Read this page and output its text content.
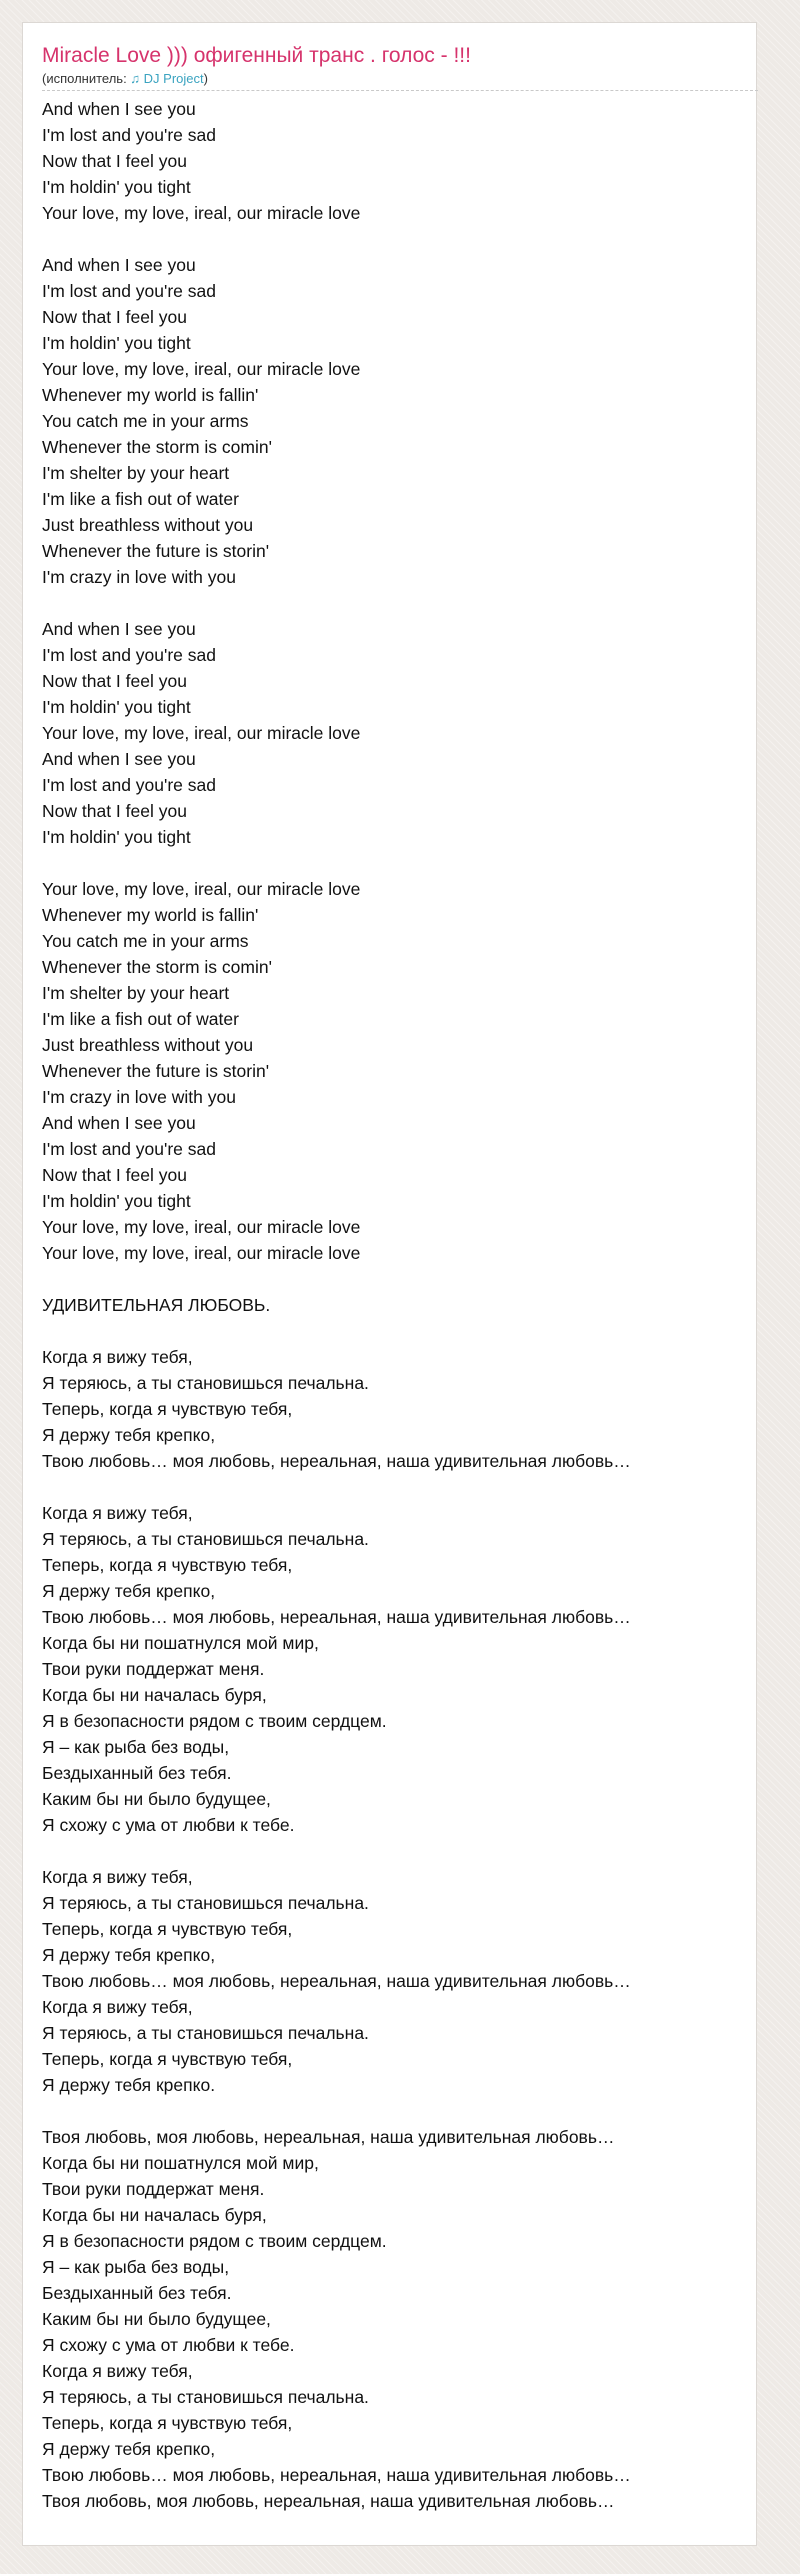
Miracle Love ))) офигенный транс . голос - !!!
(исполнитель: ♫ DJ Project)
And when I see you
I'm lost and you're sad
Now that I feel you
I'm holdin' you tight
Your love, my love, ireal, our miracle love
And when I see you
I'm lost and you're sad
Now that I feel you
I'm holdin' you tight
Your love, my love, ireal, our miracle love
Whenever my world is fallin'
You catch me in your arms
Whenever the storm is comin'
I'm shelter by your heart
I'm like a fish out of water
Just breathless without you
Whenever the future is storin'
I'm crazy in love with you
And when I see you
I'm lost and you're sad
Now that I feel you
I'm holdin' you tight
Your love, my love, ireal, our miracle love
And when I see you
I'm lost and you're sad
Now that I feel you
I'm holdin' you tight
Your love, my love, ireal, our miracle love
Whenever my world is fallin'
You catch me in your arms
Whenever the storm is comin'
I'm shelter by your heart
I'm like a fish out of water
Just breathless without you
Whenever the future is storin'
I'm crazy in love with you
And when I see you
I'm lost and you're sad
Now that I feel you
I'm holdin' you tight
Your love, my love, ireal, our miracle love
Your love, my love, ireal, our miracle love
УДИВИТЕЛЬНАЯ ЛЮБОВЬ.
Когда я вижу тебя,
Я теряюсь, а ты становишься печальна.
Теперь, когда я чувствую тебя,
Я держу тебя крепко,
Твою любовь… моя любовь, нереальная, наша удивительная любовь…
Когда я вижу тебя,
Я теряюсь, а ты становишься печальна.
Теперь, когда я чувствую тебя,
Я держу тебя крепко,
Твою любовь… моя любовь, нереальная, наша удивительная любовь…
Когда бы ни пошатнулся мой мир,
Твои руки поддержат меня.
Когда бы ни началась буря,
Я в безопасности рядом с твоим сердцем.
Я – как рыба без воды,
Бездыханный без тебя.
Каким бы ни было будущее,
Я схожу с ума от любви к тебе.
Когда я вижу тебя,
Я теряюсь, а ты становишься печальна.
Теперь, когда я чувствую тебя,
Я держу тебя крепко,
Твою любовь… моя любовь, нереальная, наша удивительная любовь…
Когда я вижу тебя,
Я теряюсь, а ты становишься печальна.
Теперь, когда я чувствую тебя,
Я держу тебя крепко.
Твоя любовь, моя любовь, нереальная, наша удивительная любовь…
Когда бы ни пошатнулся мой мир,
Твои руки поддержат меня.
Когда бы ни началась буря,
Я в безопасности рядом с твоим сердцем.
Я – как рыба без воды,
Бездыханный без тебя.
Каким бы ни было будущее,
Я схожу с ума от любви к тебе.
Когда я вижу тебя,
Я теряюсь, а ты становишься печальна.
Теперь, когда я чувствую тебя,
Я держу тебя крепко,
Твою любовь… моя любовь, нереальная, наша удивительная любовь…
Твоя любовь, моя любовь, нереальная, наша удивительная любовь…
